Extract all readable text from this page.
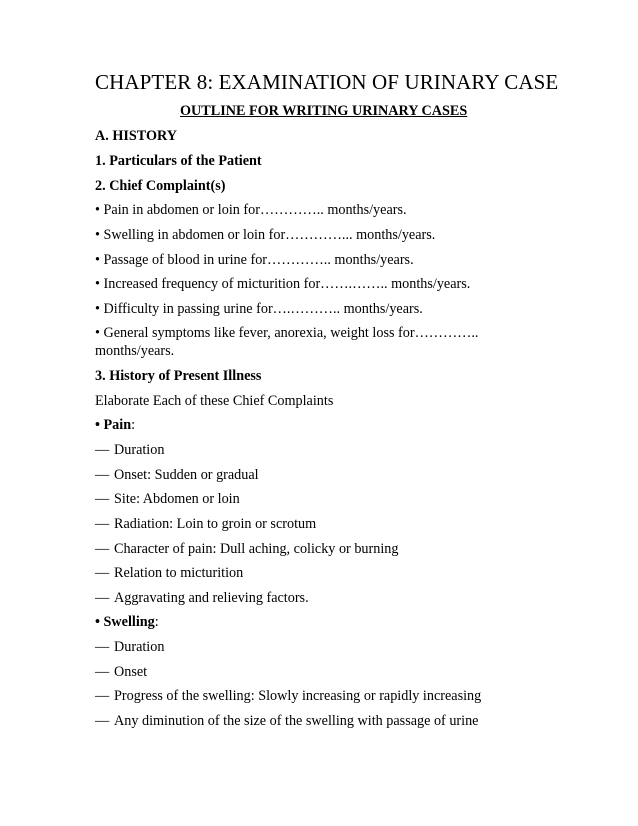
CHAPTER 8: EXAMINATION OF URINARY CASE
OUTLINE FOR WRITING URINARY CASES
A. HISTORY
1. Particulars of the Patient
2. Chief Complaint(s)
• Pain in abdomen or loin for………….. months/years.
• Swelling in abdomen or loin for…………... months/years.
• Passage of blood in urine for………….. months/years.
• Increased frequency of micturition for…….…….. months/years.
• Difficulty in passing urine for….……….. months/years.
• General symptoms like fever, anorexia, weight loss for………….. months/years.
3. History of Present Illness
Elaborate Each of these Chief Complaints
• Pain:
— Duration
— Onset: Sudden or gradual
— Site: Abdomen or loin
— Radiation: Loin to groin or scrotum
— Character of pain: Dull aching, colicky or burning
— Relation to micturition
— Aggravating and relieving factors.
• Swelling:
— Duration
— Onset
— Progress of the swelling: Slowly increasing or rapidly increasing
— Any diminution of the size of the swelling with passage of urine
